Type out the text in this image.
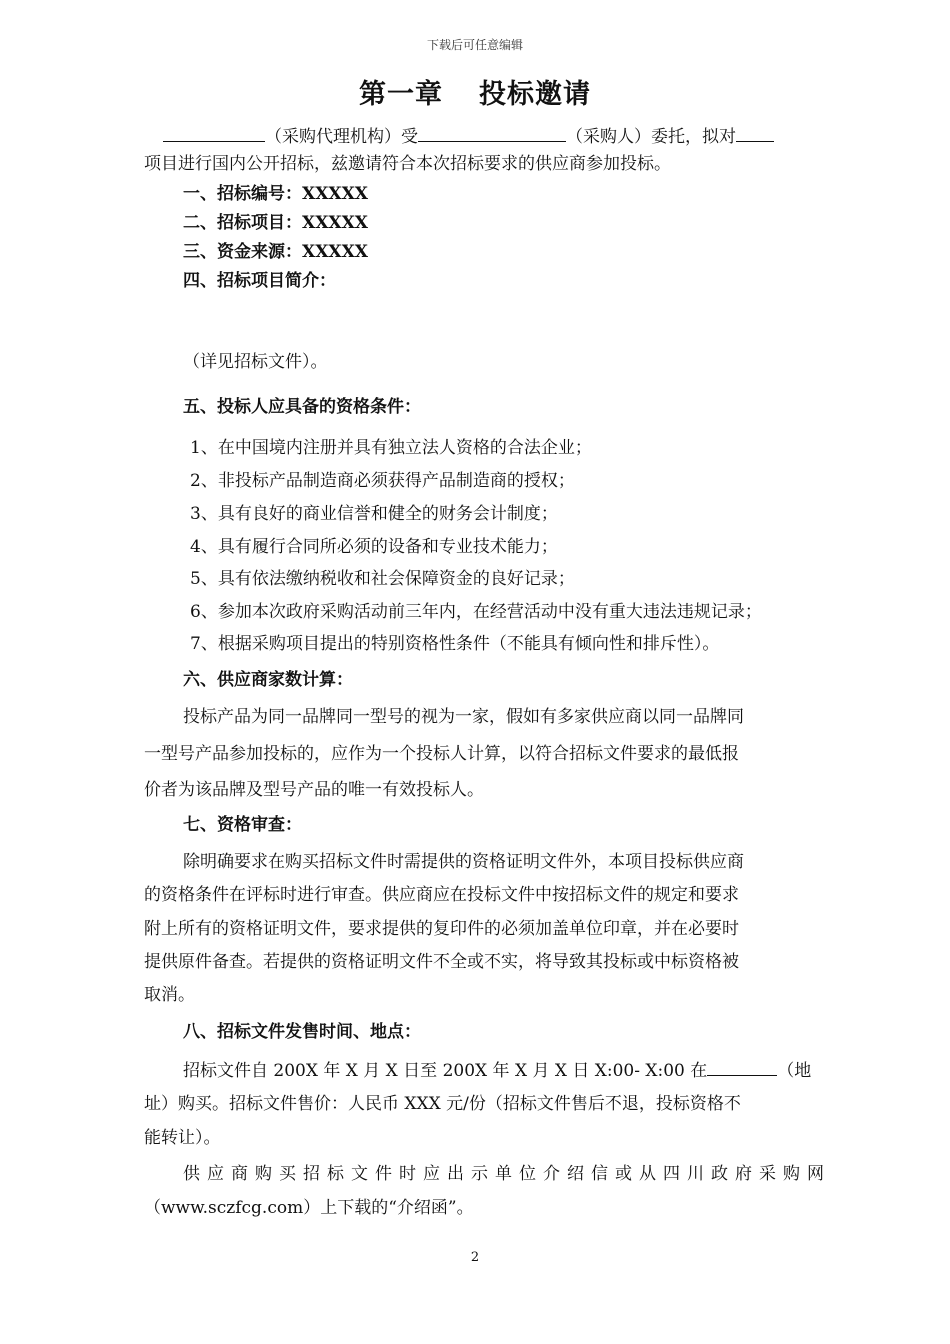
下载后可任意编辑
第一章 投标邀请
（采购代理机构）受	（采购人）委托，拟对
项目进行国内公开招标，兹邀请符合本次招标要求的供应商参加投标。
一、招标编号：XXXXX
二、招标项目：XXXXX
三、资金来源：XXXXX
四、招标项目简介：
（详见招标文件）。
五、投标人应具备的资格条件：
1、在中国境内注册并具有独立法人资格的合法企业；
2、非投标产品制造商必须获得产品制造商的授权；
3、具有良好的商业信誉和健全的财务会计制度；
4、具有履行合同所必须的设备和专业技术能力；
5、具有依法缴纳税收和社会保障资金的良好记录；
6、参加本次政府采购活动前三年内，在经营活动中没有重大违法违规记录；
7、根据采购项目提出的特别资格性条件（不能具有倾向性和排斥性）。
六、供应商家数计算：
投标产品为同一品牌同一型号的视为一家，假如有多家供应商以同一品牌同
一型号产品参加投标的，应作为一个投标人计算，以符合招标文件要求的最低报
价者为该品牌及型号产品的唯一有效投标人。
七、资格审查：
除明确要求在购买招标文件时需提供的资格证明文件外，本项目投标供应商
的资格条件在评标时进行审查。供应商应在投标文件中按招标文件的规定和要求
附上所有的资格证明文件，要求提供的复印件的必须加盖单位印章，并在必要时
提供原件备查。若提供的资格证明文件不全或不实，将导致其投标或中标资格被
取消。
八、招标文件发售时间、地点：
招标文件自 200X 年 X 月 X 日至 200X 年 X 月 X 日 X:00- X:00 在	（地
址）购买。招标文件售价：人民币 XXX 元/份（招标文件售后不退，投标资格不
能转让）。
供应商购买招标文件时应出示单位介绍信或从四川政府采购网
（www.sczfcg.com）上下载的“介绍函”。
2
